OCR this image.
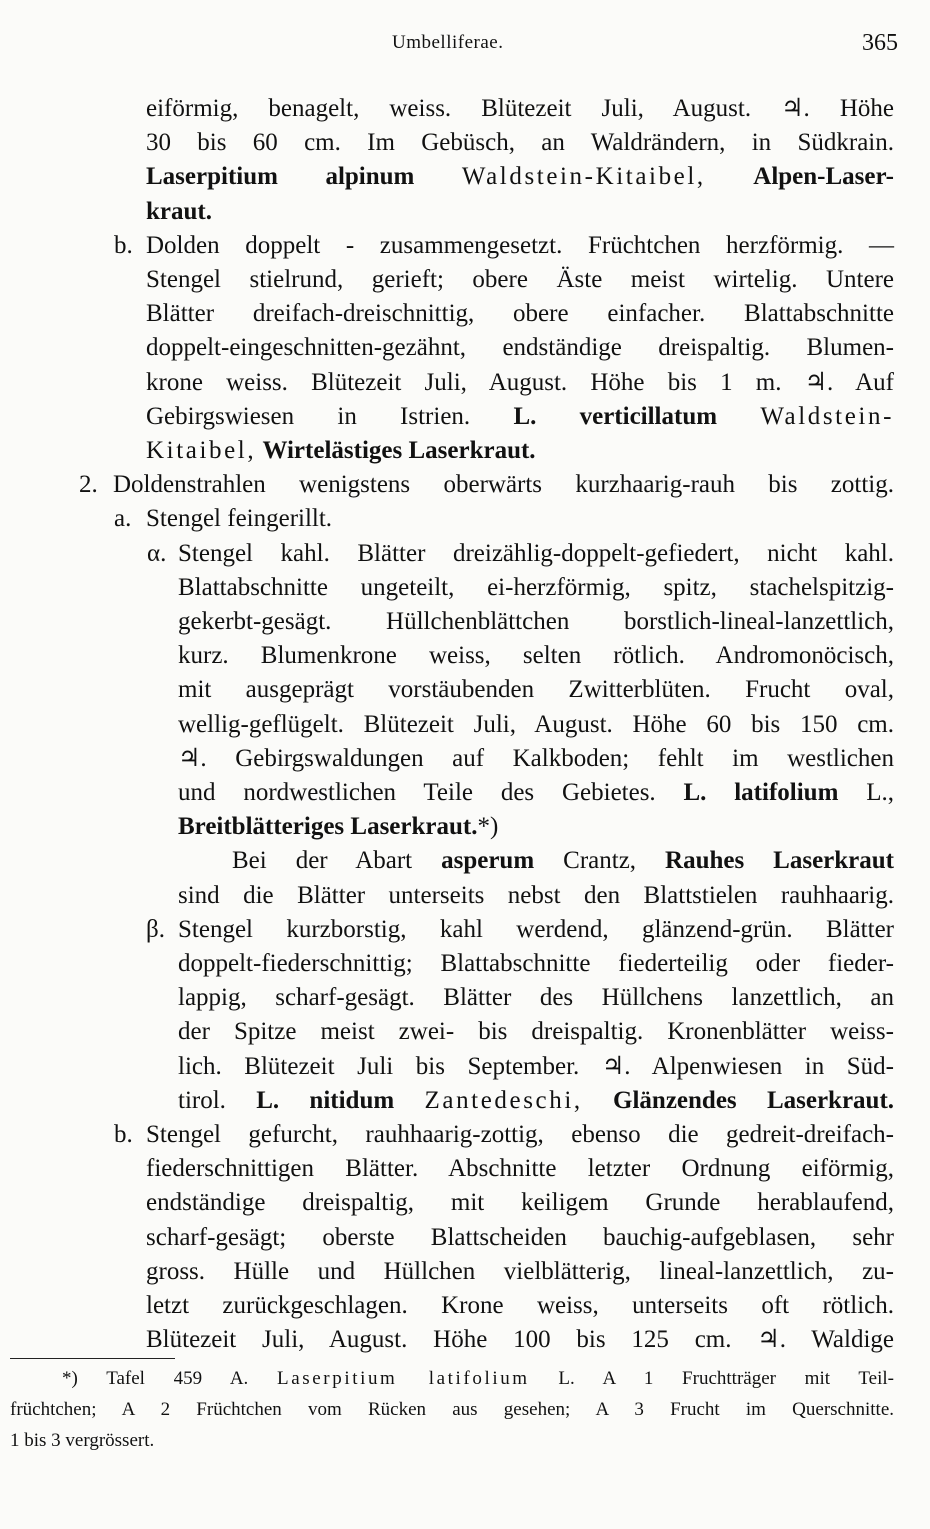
Umbelliferae.	365
eiförmig, benagelt, weiss. Blütezeit Juli, August. ♃. Höhe
30 bis 60 cm. Im Gebüsch, an Waldrändern, in Südkrain.
Laserpitium alpinum Waldstein-Kitaibel, Alpen-Laser-
kraut.
b. Dolden doppelt - zusammengesetzt. Früchtchen herzförmig. —
Stengel stielrund, gerieft; obere Äste meist wirtelig. Untere
Blätter dreifach-dreischnittig, obere einfacher. Blattabschnitte
doppelt-eingeschnitten-gezähnt, endständige dreispaltig. Blumen-
krone weiss. Blütezeit Juli, August. Höhe bis 1 m. ♃. Auf
Gebirgswiesen in Istrien. L. verticillatum Waldstein-
Kitaibel, Wirtelästiges Laserkraut.
2. Doldenstrahlen wenigstens oberwärts kurzhaarig-rauh bis zottig.
a. Stengel feingerillt.
α. Stengel kahl. Blätter dreizählig-doppelt-gefiedert, nicht kahl.
Blattabschnitte ungeteilt, ei-herzförmig, spitz, stachelspitzig-
gekerbt-gesägt. Hüllchenblättchen borstlich-lineal-lanzettlich,
kurz. Blumenkrone weiss, selten rötlich. Andromonöcisch,
mit ausgeprägt vorstäubenden Zwitterblüten. Frucht oval,
wellig-geflügelt. Blütezeit Juli, August. Höhe 60 bis 150 cm.
♃. Gebirgswaldungen auf Kalkboden; fehlt im westlichen
und nordwestlichen Teile des Gebietes. L. latifolium L.,
Breitblätteriges Laserkraut.*)
Bei der Abart asperum Crantz, Rauhes Laserkraut
sind die Blätter unterseits nebst den Blattstielen rauhhaarig.
β. Stengel kurzborstig, kahl werdend, glänzend-grün. Blätter
doppelt-fiederschnittig; Blattabschnitte fiederteilig oder fieder-
lappig, scharf-gesägt. Blätter des Hüllchens lanzettlich, an
der Spitze meist zwei- bis dreispaltig. Kronenblätter weiss-
lich. Blütezeit Juli bis September. ♃. Alpenwiesen in Süd-
tirol. L. nitidum Zantedeschi, Glänzendes Laserkraut.
b. Stengel gefurcht, rauhhaarig-zottig, ebenso die gedreit-dreifach-
fiederschnittigen Blätter. Abschnitte letzter Ordnung eiförmig,
endständige dreispaltig, mit keiligem Grunde herablaufend,
scharf-gesägt; oberste Blattscheiden bauchig-aufgeblasen, sehr
gross. Hülle und Hüllchen vielblätterig, lineal-lanzettlich, zu-
letzt zurückgeschlagen. Krone weiss, unterseits oft rötlich.
Blütezeit Juli, August. Höhe 100 bis 125 cm. ♃. Waldige
*) Tafel 459 A. Laserpitium latifolium L. A 1 Fruchtträger mit Teil-
früchtchen; A 2 Früchtchen vom Rücken aus gesehen; A 3 Frucht im Querschnitte.
1 bis 3 vergrössert.
